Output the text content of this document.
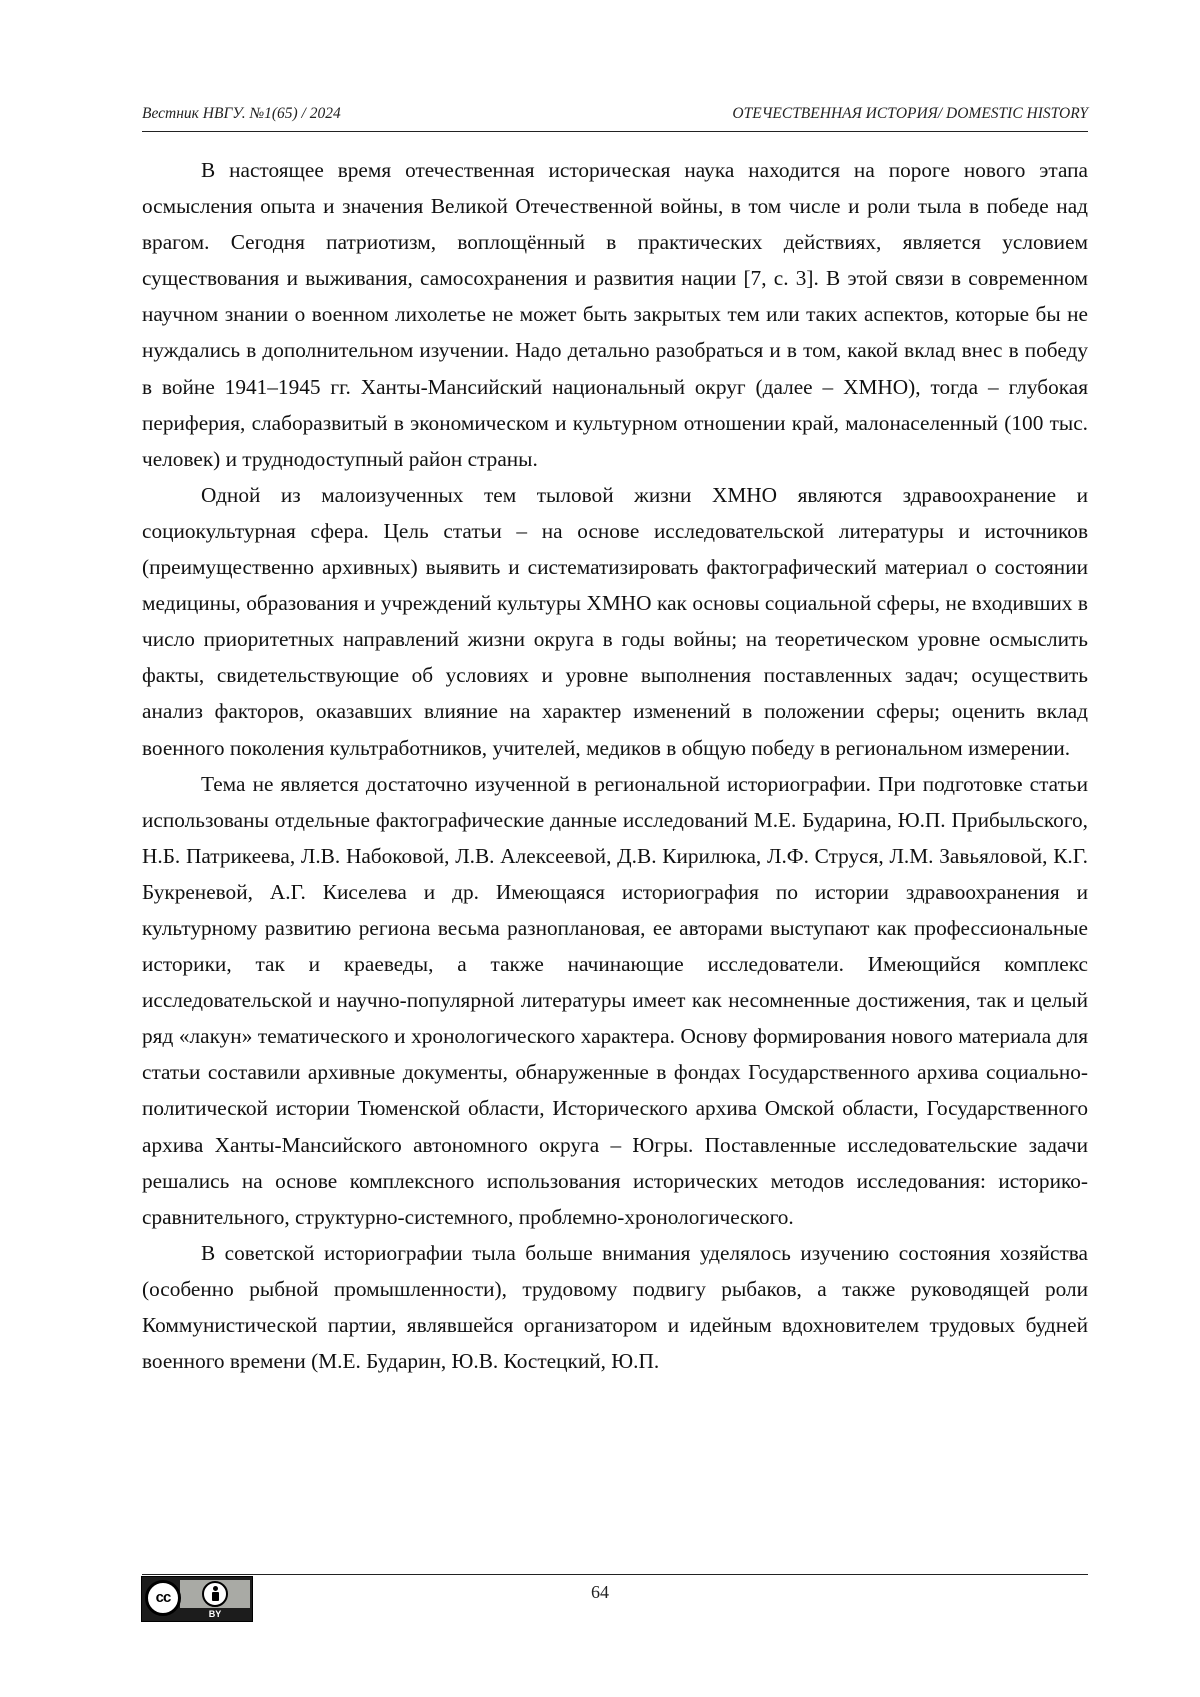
Вестник НВГУ. №1(65) / 2024	ОТЕЧЕСТВЕННАЯ ИСТОРИЯ/ DOMESTIC HISTORY

В настоящее время отечественная историческая наука находится на пороге нового этапа осмысления опыта и значения Великой Отечественной войны, в том числе и роли тыла в победе над врагом. Сегодня патриотизм, воплощённый в практических действиях, является условием существования и выживания, самосохранения и развития нации [7, с. 3]. В этой связи в современном научном знании о военном лихолетье не может быть закрытых тем или таких аспектов, которые бы не нуждались в дополнительном изучении. Надо детально разобраться и в том, какой вклад внес в победу в войне 1941–1945 гг. Ханты-Мансийский национальный округ (далее – ХМНО), тогда – глубокая периферия, слаборазвитый в экономическом и культурном отношении край, малонаселенный (100 тыс. человек) и труднодоступный район страны.

Одной из малоизученных тем тыловой жизни ХМНО являются здравоохранение и социокультурная сфера. Цель статьи – на основе исследовательской литературы и источников (преимущественно архивных) выявить и систематизировать фактографический материал о состоянии медицины, образования и учреждений культуры ХМНО как основы социальной сферы, не входивших в число приоритетных направлений жизни округа в годы войны; на теоретическом уровне осмыслить факты, свидетельствующие об условиях и уровне выполнения поставленных задач; осуществить анализ факторов, оказавших влияние на характер изменений в положении сферы; оценить вклад военного поколения культработников, учителей, медиков в общую победу в региональном измерении.

Тема не является достаточно изученной в региональной историографии. При подготовке статьи использованы отдельные фактографические данные исследований М.Е. Бударина, Ю.П. Прибыльского, Н.Б. Патрикеева, Л.В. Набоковой, Л.В. Алексеевой, Д.В. Кирилюка, Л.Ф. Струся, Л.М. Завьяловой, К.Г. Букреневой, А.Г. Киселева и др. Имеющаяся историография по истории здравоохранения и культурному развитию региона весьма разноплановая, ее авторами выступают как профессиональные историки, так и краеведы, а также начинающие исследователи. Имеющийся комплекс исследовательской и научно-популярной литературы имеет как несомненные достижения, так и целый ряд «лакун» тематического и хронологического характера. Основу формирования нового материала для статьи составили архивные документы, обнаруженные в фондах Государственного архива социально-политической истории Тюменской области, Исторического архива Омской области, Государственного архива Ханты-Мансийского автономного округа – Югры. Поставленные исследовательские задачи решались на основе комплексного использования исторических методов исследования: историко-сравнительного, структурно-системного, проблемно-хронологического.

В советской историографии тыла больше внимания уделялось изучению состояния хозяйства (особенно рыбной промышленности), трудовому подвигу рыбаков, а также руководящей роли Коммунистической партии, являвшейся организатором и идейным вдохновителем трудовых будней военного времени (М.Е. Бударин, Ю.В. Костецкий, Ю.П.

cc
BY
64
